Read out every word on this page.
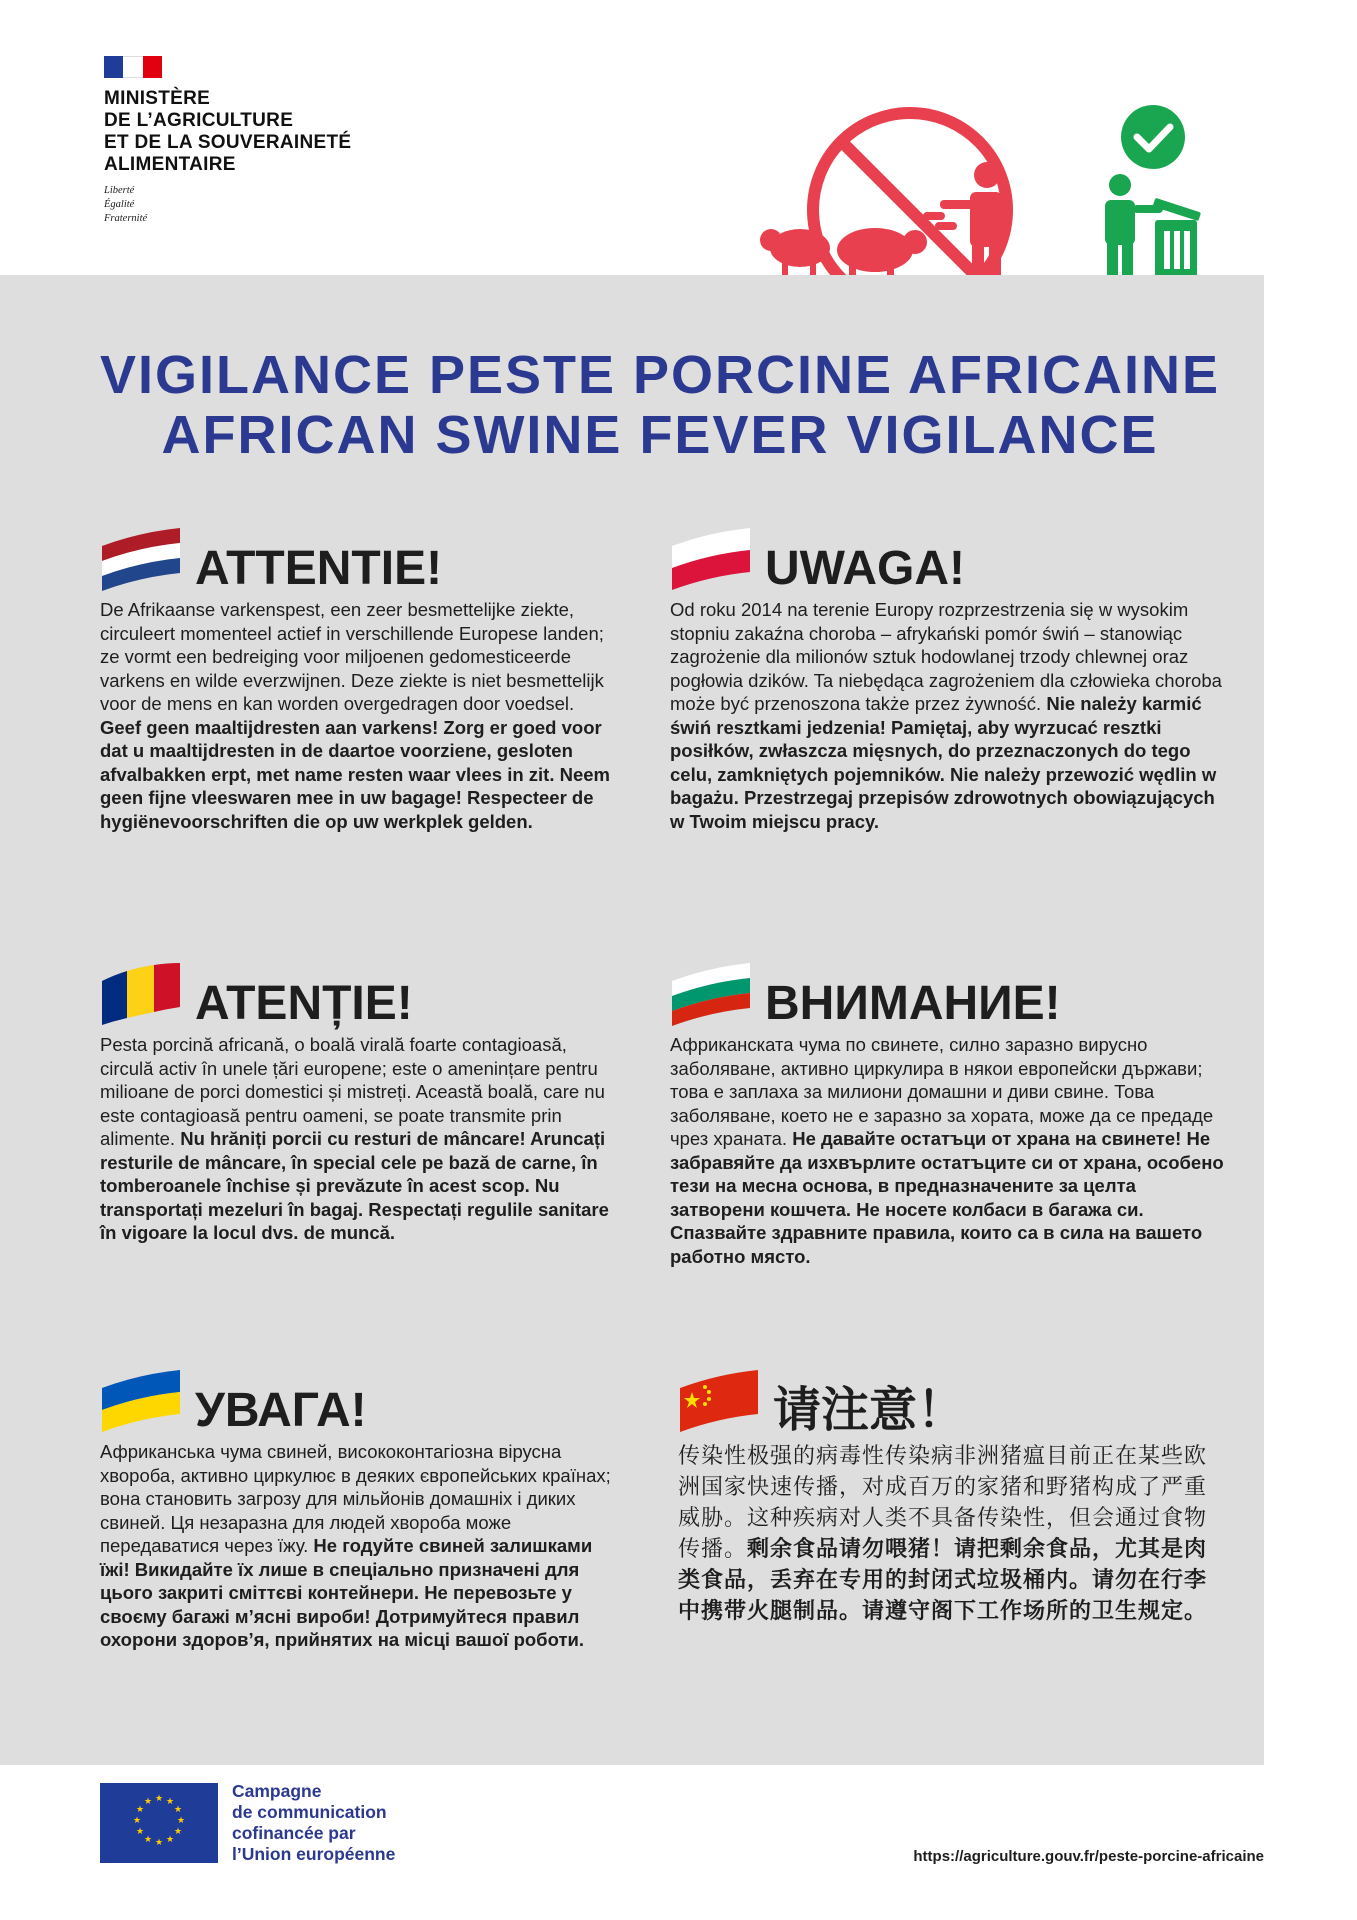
MINISTÈRE
DE L’AGRICULTURE
ET DE LA SOUVERAINETÉ
ALIMENTAIRE
Liberté
Égalité
Fraternité
VIGILANCE PESTE PORCINE AFRICAINE
AFRICAN SWINE FEVER VIGILANCE
ATTENTIE!
De Afrikaanse varkenspest, een zeer besmettelijke ziekte, circuleert momenteel actief in verschillende Europese landen; ze vormt een bedreiging voor miljoenen gedomesticeerde varkens en wilde everzwijnen. Deze ziekte is niet besmettelijk voor de mens en kan worden overgedragen door voedsel. Geef geen maaltijdresten aan varkens! Zorg er goed voor dat u maaltijdresten in de daartoe voorziene, gesloten afvalbakken erpt, met name resten waar vlees in zit. Neem geen fijne vleeswaren mee in uw bagage! Respecteer de hygiënevoorschriften die op uw werkplek gelden.
UWAGA!
Od roku 2014 na terenie Europy rozprzestrzenia się w wysokim stopniu zakaźna choroba – afrykański pomór świń – stanowiąc zagrożenie dla milionów sztuk hodowlanej trzody chlewnej oraz pogłowia dzików. Ta niebędąca zagrożeniem dla człowieka choroba może być przenoszona także przez żywność. Nie należy karmić świń resztkami jedzenia! Pamiętaj, aby wyrzucać resztki posiłków, zwłaszcza mięsnych, do przeznaczonych do tego celu, zamkniętych pojemników. Nie należy przewozić wędlin w bagażu. Przestrzegaj przepisów zdrowotnych obowiązujących w Twoim miejscu pracy.
ATENȚIE!
Pesta porcină africană, o boală virală foarte contagioasă, circulă activ în unele țări europene; este o amenințare pentru milioane de porci domestici și mistreți. Această boală, care nu este contagioasă pentru oameni, se poate transmite prin alimente. Nu hrăniți porcii cu resturi de mâncare! Aruncați resturile de mâncare, în special cele pe bază de carne, în tomberoanele închise și prevăzute în acest scop. Nu transportați mezeluri în bagaj. Respectați regulile sanitare în vigoare la locul dvs. de muncă.
ВНИМАНИЕ!
Африканската чума по свинете, силно заразно вирусно заболяване, активно циркулира в някои европейски държави; това е заплаха за милиони домашни и диви свине. Това заболяване, което не е заразно за хората, може да се предаде чрез храната. Не давайте остатъци от храна на свинете! Не забравяйте да изхвърлите остатъците си от храна, особено тези на месна основа, в предназначените за целта затворени кошчета. Не носете колбаси в багажа си. Спазвайте здравните правила, които са в сила на вашето работно място.
УВАГА!
Африканська чума свиней, висококонтагіозна вірусна хвороба, активно циркулює в деяких європейських країнах; вона становить загрозу для мільйонів домашніх і диких свиней. Ця незаразна для людей хвороба може передаватися через їжу. Не годуйте свиней залишками їжі! Викидайте їх лише в спеціально призначені для цього закриті сміттєві контейнери. Не перевозьте у своєму багажі м’ясні вироби! Дотримуйтеся правил охорони здоров’я, прийнятих на місці вашої роботи.
请注意！
传染性极强的病毒性传染病非洲猪瘟目前正在某些欧洲国家快速传播，对成百万的家猪和野猪构成了严重威胁。这种疾病对人类不具备传染性，但会通过食物传播。剩余食品请勿喂猪！请把剩余食品，尤其是肉类食品，丢弃在专用的封闭式垃圾桶内。请勿在行李中携带火腿制品。请遵守阁下工作场所的卫生规定。
★ ★
★
★
★
★
★
★
★
★
★
★
Campagne
de communication
cofinancée par
l’Union européenne	https://agriculture.gouv.fr/peste-porcine-africaine
